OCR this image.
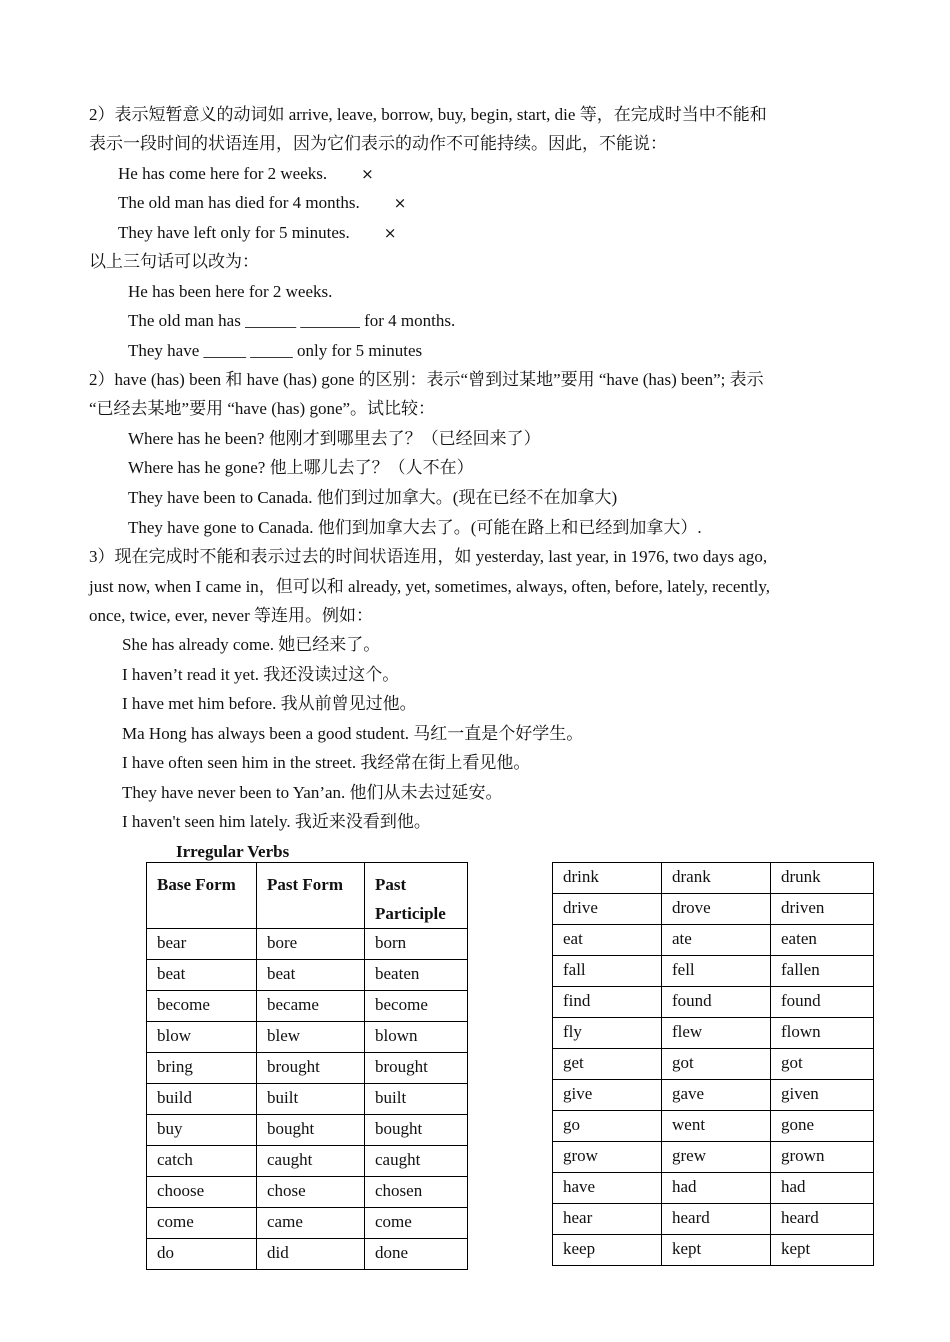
2）表示短暂意义的动词如 arrive, leave, borrow, buy, begin, start, die 等，在完成时当中不能和
表示一段时间的状语连用，因为它们表示的动作不可能持续。因此，不能说：
He has come here for 2 weeks. ×
The old man has died for 4 months. ×
They have left only for 5 minutes. ×
以上三句话可以改为：
He has been here for 2 weeks.
The old man has ______ _______ for 4 months.
They have _____ _____ only for 5 minutes
2）have (has) been 和 have (has) gone 的区别：表示“曾到过某地”要用 “have (has) been”; 表示
“已经去某地”要用 “have (has) gone”。试比较：
Where has he been? 他刚才到哪里去了？（已经回来了）
Where has he gone? 他上哪儿去了？（人不在）
They have been to Canada. 他们到过加拿大。(现在已经不在加拿大)
They have gone to Canada. 他们到加拿大去了。(可能在路上和已经到加拿大）.
3）现在完成时不能和表示过去的时间状语连用，如 yesterday, last year, in 1976, two days ago,
just now, when I came in，但可以和 already, yet, sometimes, always, often, before, lately, recently,
once, twice, ever, never 等连用。例如：
She has already come. 她已经来了。
I haven’t read it yet. 我还没读过这个。
I have met him before. 我从前曾见过他。
Ma Hong has always been a good student. 马红一直是个好学生。
I have often seen him in the street. 我经常在街上看见他。
They have never been to Yan’an. 他们从未去过延安。
I haven't seen him lately. 我近来没看到他。
Irregular Verbs
Base Form	Past Form	Past Participle
bear	bore	born
beat	beat	beaten
become	became	become
blow	blew	blown
bring	brought	brought
build	built	built
buy	bought	bought
catch	caught	caught
choose	chose	chosen
come	came	come
do	did	done
drink	drank	drunk
drive	drove	driven
eat	ate	eaten
fall	fell	fallen
find	found	found
fly	flew	flown
get	got	got
give	gave	given
go	went	gone
grow	grew	grown
have	had	had
hear	heard	heard
keep	kept	kept
